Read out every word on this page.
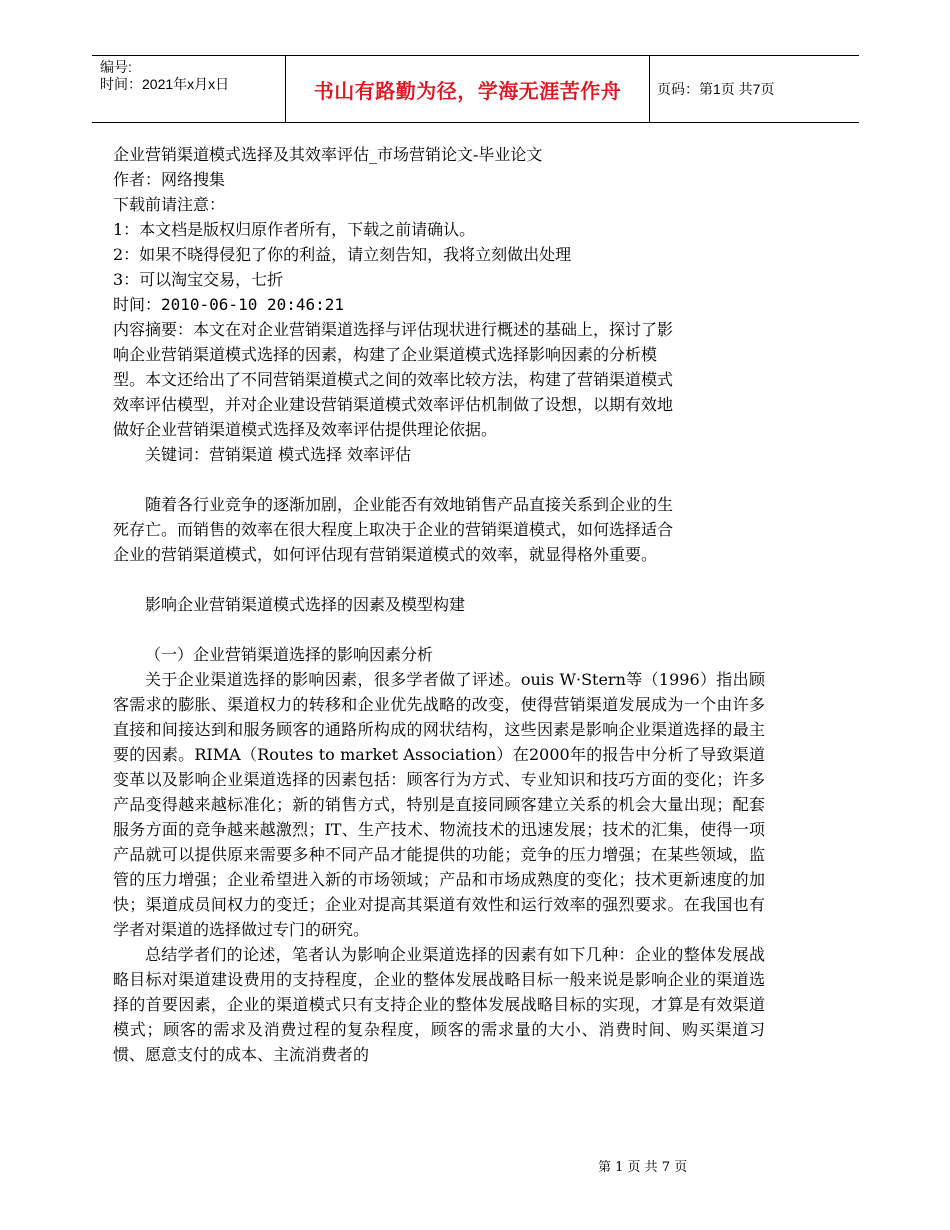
编号:
时间：2021年x月x日	书山有路勤为径，学海无涯苦作舟	页码：第1页 共7页

企业营销渠道模式选择及其效率评估_市场营销论文-毕业论文

作者：网络搜集

下载前请注意：

1：本文档是版权归原作者所有，下载之前请确认。

2：如果不晓得侵犯了你的利益，请立刻告知，我将立刻做出处理

3：可以淘宝交易，七折

时间：2010-06-10 20:46:21

内容摘要：本文在对企业营销渠道选择与评估现状进行概述的基础上，探讨了影

响企业营销渠道模式选择的因素，构建了企业渠道模式选择影响因素的分析模

型。本文还给出了不同营销渠道模式之间的效率比较方法，构建了营销渠道模式

效率评估模型，并对企业建设营销渠道模式效率评估机制做了设想，以期有效地

做好企业营销渠道模式选择及效率评估提供理论依据。

关键词：营销渠道 模式选择 效率评估

随着各行业竞争的逐渐加剧，企业能否有效地销售产品直接关系到企业的生

死存亡。而销售的效率在很大程度上取决于企业的营销渠道模式，如何选择适合

企业的营销渠道模式，如何评估现有营销渠道模式的效率，就显得格外重要。

影响企业营销渠道模式选择的因素及模型构建

（一）企业营销渠道选择的影响因素分析

关于企业渠道选择的影响因素，很多学者做了评述。ouis W·Stern等（1996）指出顾客需求的膨胀、渠道权力的转移和企业优先战略的改变，使得营销渠道发展成为一个由许多直接和间接达到和服务顾客的通路所构成的网状结构，这些因素是影响企业渠道选择的最主要的因素。RIMA（Routes to market Association）在2000年的报告中分析了导致渠道变革以及影响企业渠道选择的因素包括：顾客行为方式、专业知识和技巧方面的变化；许多产品变得越来越标准化；新的销售方式，特别是直接同顾客建立关系的机会大量出现；配套服务方面的竞争越来越激烈；IT、生产技术、物流技术的迅速发展；技术的汇集，使得一项产品就可以提供原来需要多种不同产品才能提供的功能；竞争的压力增强；在某些领域，监管的压力增强；企业希望进入新的市场领域；产品和市场成熟度的变化；技术更新速度的加快；渠道成员间权力的变迁；企业对提高其渠道有效性和运行效率的强烈要求。在我国也有学者对渠道的选择做过专门的研究。

总结学者们的论述，笔者认为影响企业渠道选择的因素有如下几种：企业的整体发展战略目标对渠道建设费用的支持程度，企业的整体发展战略目标一般来说是影响企业的渠道选择的首要因素，企业的渠道模式只有支持企业的整体发展战略目标的实现，才算是有效渠道模式；顾客的需求及消费过程的复杂程度，顾客的需求量的大小、消费时间、购买渠道习惯、愿意支付的成本、主流消费者的

第 1 页 共 7 页
